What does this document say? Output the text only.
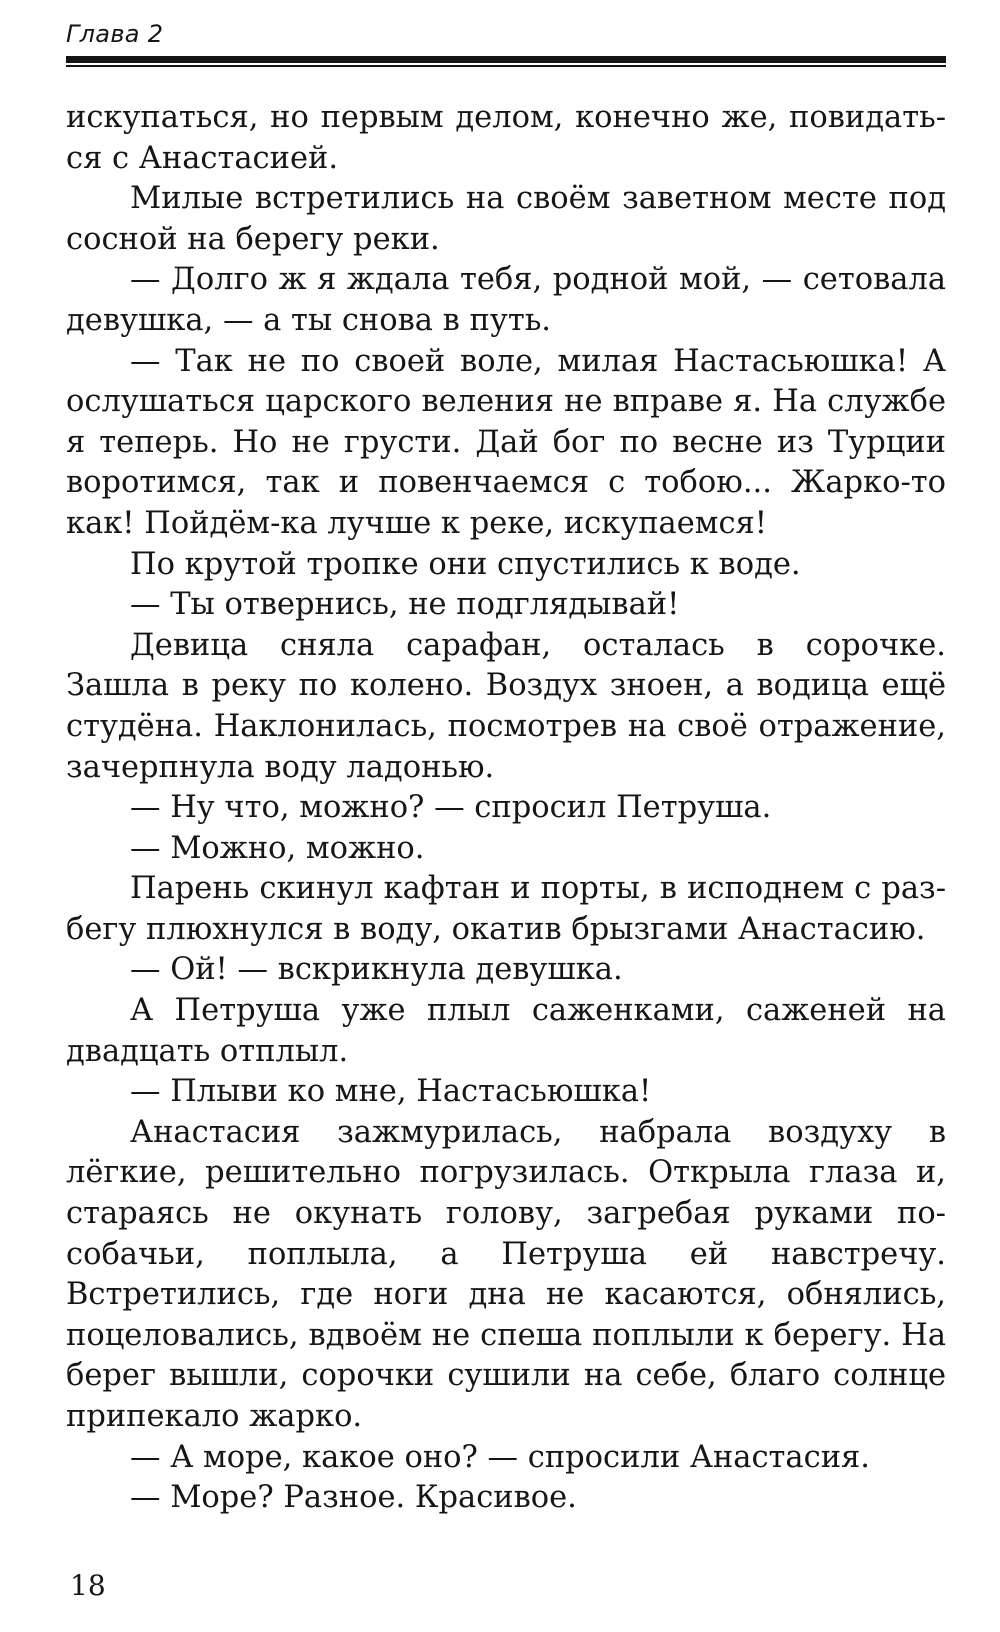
Глава 2

искупаться, но первым делом, конечно же, повидаться с Анастасией.

Милые встретились на своём заветном месте под сосной на берегу реки.

— Долго ж я ждала тебя, родной мой, — сетовала девушка, — а ты снова в путь.

— Так не по своей воле, милая Настасьюшка! А ослушаться царского веления не вправе я. На службе я теперь. Но не грусти. Дай бог по весне из Турции воротимся, так и повенчаемся с тобою... Жарко-то как! Пойдём-ка лучше к реке, искупаемся!

По крутой тропке они спустились к воде.

— Ты отвернись, не подглядывай!

Девица сняла сарафан, осталась в сорочке. Зашла в реку по колено. Воздух зноен, а водица ещё студёна. Наклонилась, посмотрев на своё отражение, зачерпнула воду ладонью.

— Ну что, можно? — спросил Петруша.

— Можно, можно.

Парень скинул кафтан и порты, в исподнем с разбегу плюхнулся в воду, окатив брызгами Анастасию.

— Ой! — вскрикнула девушка.

А Петруша уже плыл саженками, саженей на двадцать отплыл.

— Плыви ко мне, Настасьюшка!

Анастасия зажмурилась, набрала воздуху в лёгкие, решительно погрузилась. Открыла глаза и, стараясь не окунать голову, загребая руками по-собачьи, поплыла, а Петруша ей навстречу. Встретились, где ноги дна не касаются, обнялись, поцеловались, вдвоём не спеша поплыли к берегу. На берег вышли, сорочки сушили на себе, благо солнце припекало жарко.

— А море, какое оно? — спросили Анастасия.

— Море? Разное. Красивое.

18
